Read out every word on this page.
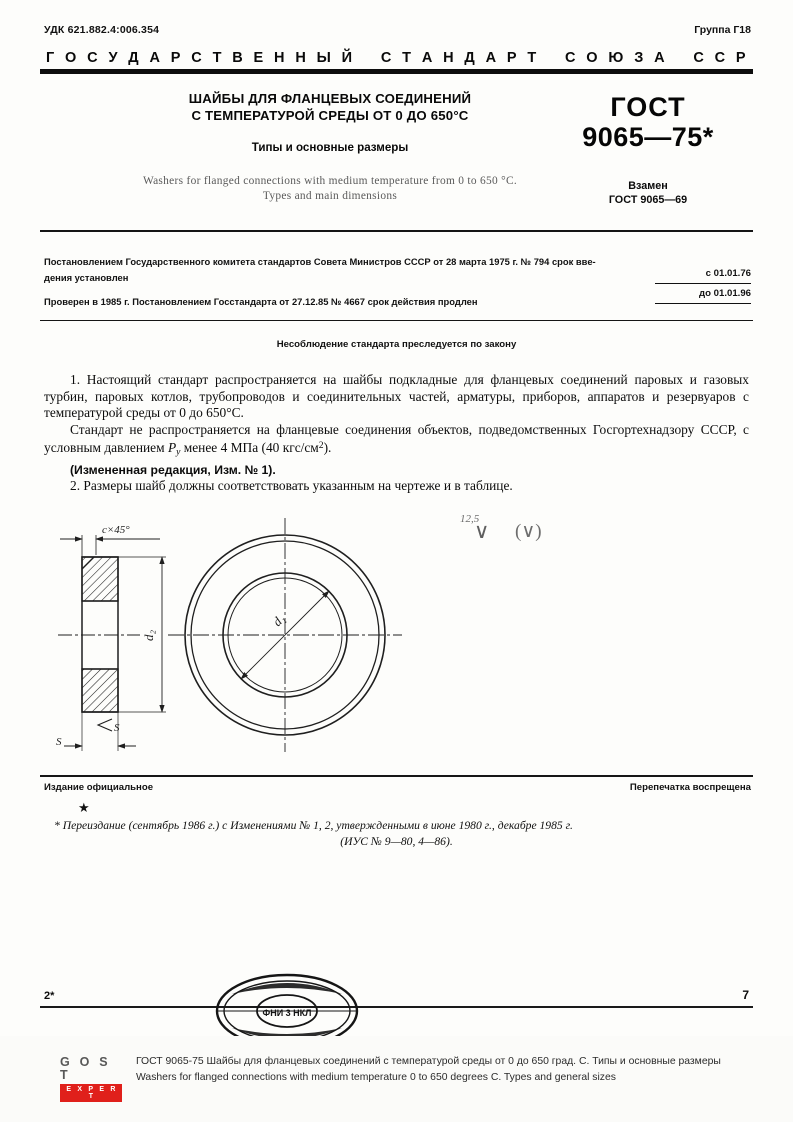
УДК 621.882.4:006.354	Группа Г18
Г О С У Д А Р С Т В Е Н Н Ы Й С Т А Н Д А Р Т С О Ю З А С С Р
ШАЙБЫ ДЛЯ ФЛАНЦЕВЫХ СОЕДИНЕНИЙ
С ТЕМПЕРАТУРОЙ СРЕДЫ ОТ 0 ДО 650°С
Типы и основные размеры
Washers for flanged connections with medium temperature from 0 to 650 °C.
Types and main dimensions
ГОСТ
9065—75*
Взамен
ГОСТ 9065—69
Постановлением Государственного комитета стандартов Совета Министров СССР от 28 марта 1975 г. № 794 срок вве-
дения установлен
Проверен в 1985 г. Постановлением Госстандарта от 27.12.85 № 4667 срок действия продлен
с 01.01.76
до 01.01.96
Несоблюдение стандарта преследуется по закону

1. Настоящий стандарт распространяется на шайбы подкладные для фланцевых соединений паровых и газовых турбин, паровых котлов, трубопроводов и соединительных частей, арматуры, приборов, аппаратов и резервуаров с температурой среды от 0 до 650°С.

Стандарт не распространяется на фланцевые соединения объектов, подведомственных Госгортехнадзору СССР, с условным давлением $P_у$ менее 4 МПа (40 кгс/$см^2$).

(Измененная редакция, Изм. № 1).

2. Размеры шайб должны соответствовать указанным на чертеже и в таблице.

12,5
∨ (∨)
c×45°
d₂
S
S
d₁
Издание официальное	Перепечатка воспрещена
★
* Переиздание (сентябрь 1986 г.) с Изменениями № 1, 2, утвержденными в июне 1980 г., декабре 1985 г.
(ИУС № 9—80, 4—86).
2*	7
ФНИ 3 НКЛ
G O S T
E X P E R T
ГОСТ 9065-75 Шайбы для фланцевых соединений с температурой среды от 0 до 650 град. С. Типы и основные размеры
Washers for flanged connections with medium temperature 0 to 650 degrees C. Types and general sizes
